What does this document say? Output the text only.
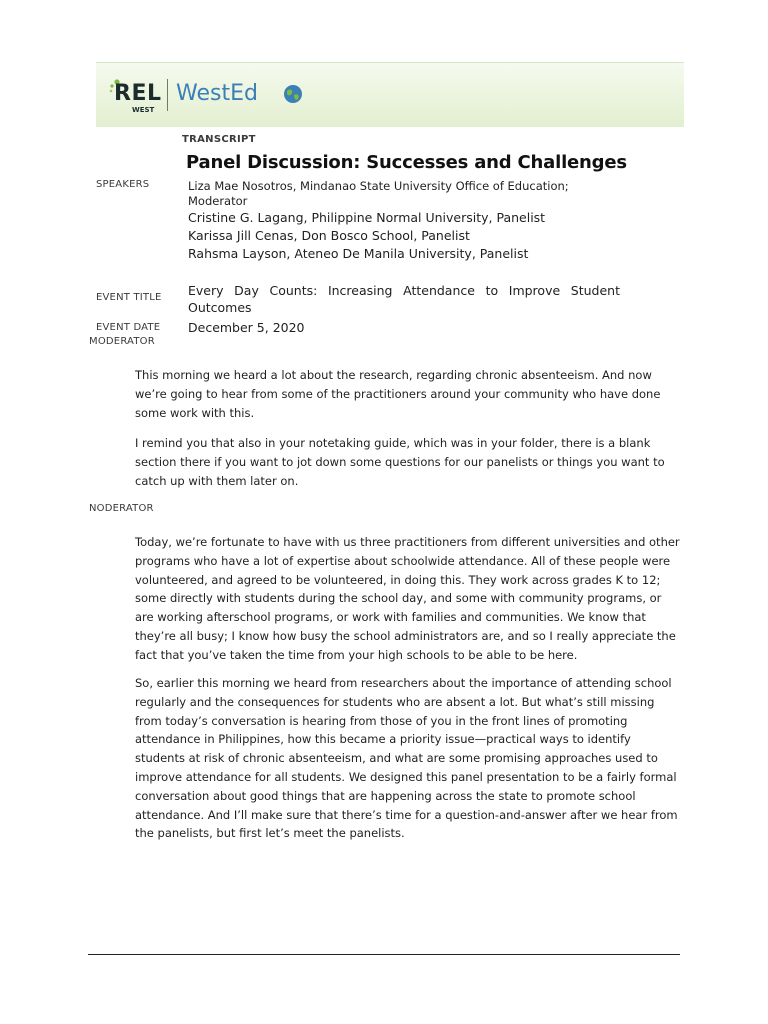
REL
WEST
WestEd
TRANSCRIPT
Panel Discussion: Successes and Challenges
SPEAKERS	Liza Mae Nosotros, Mindanao State University Office of Education;
Moderator
Cristine G. Lagang, Philippine Normal University, Panelist
Karissa Jill Cenas, Don Bosco School, Panelist
Rahsma Layson, Ateneo De Manila University, Panelist
EVENT TITLE Every Day Counts: Increasing Attendance to Improve Student Outcomes
EVENT DATE December 5, 2020
MODERATOR

This morning we heard a lot about the research, regarding chronic absenteeism. And now we’re going to hear from some of the practitioners around your community who have done some work with this.

I remind you that also in your notetaking guide, which was in your folder, there is a blank section there if you want to jot down some questions for our panelists or things you want to catch up with them later on.

NODERATOR

Today, we’re fortunate to have with us three practitioners from different universities and other programs who have a lot of expertise about schoolwide attendance. All of these people were volunteered, and agreed to be volunteered, in doing this. They work across grades K to 12; some directly with students during the school day, and some with community programs, or are working afterschool programs, or work with families and communities. We know that they’re all busy; I know how busy the school administrators are, and so I really appreciate the fact that you’ve taken the time from your high schools to be able to be here.

So, earlier this morning we heard from researchers about the importance of attending school regularly and the consequences for students who are absent a lot. But what’s still missing from today’s conversation is hearing from those of you in the front lines of promoting attendance in Philippines, how this became a priority issue—practical ways to identify students at risk of chronic absenteeism, and what are some promising approaches used to improve attendance for all students. We designed this panel presentation to be a fairly formal conversation about good things that are happening across the state to promote school attendance. And I’ll make sure that there’s time for a question-and-answer after we hear from the panelists, but first let’s meet the panelists.
